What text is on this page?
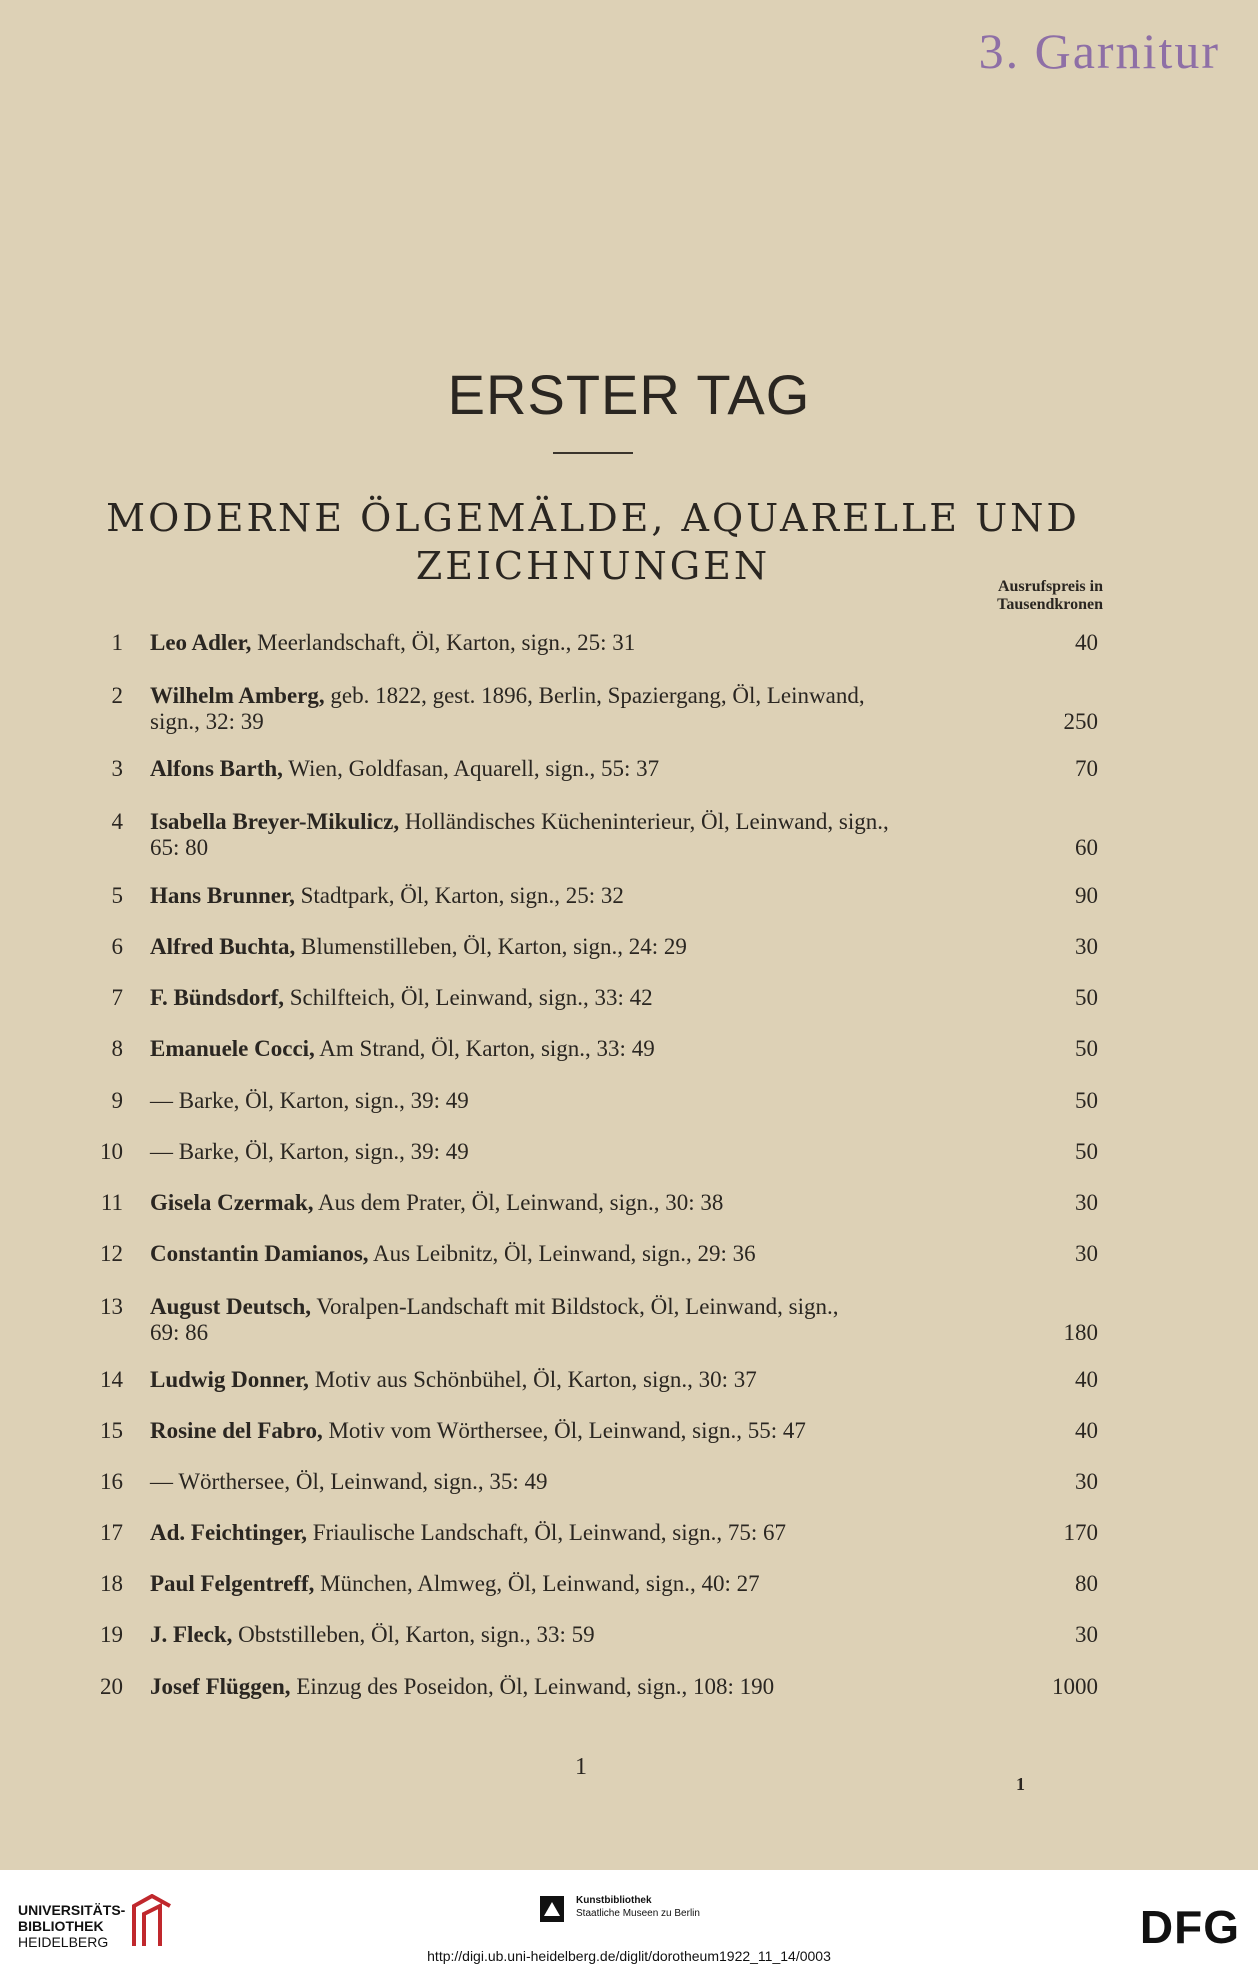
3. Garnitur
ERSTER TAG
MODERNE ÖLGEMÄLDE, AQUARELLE UND
ZEICHNUNGEN	Ausrufspreis in
Tausendkronen
1 Leo Adler, Meerlandschaft, Öl, Karton, sign., 25: 31	40
2 Wilhelm Amberg, geb. 1822, gest. 1896, Berlin, Spaziergang, Öl, Leinwand,
sign., 32: 39	250
3 Alfons Barth, Wien, Goldfasan, Aquarell, sign., 55: 37	70
4 Isabella Breyer-Mikulicz, Holländisches Kücheninterieur, Öl, Leinwand, sign.,
65: 80	60
5 Hans Brunner, Stadtpark, Öl, Karton, sign., 25: 32	90
6 Alfred Buchta, Blumenstilleben, Öl, Karton, sign., 24: 29	30
7 F. Bündsdorf, Schilfteich, Öl, Leinwand, sign., 33: 42	50
8 Emanuele Cocci, Am Strand, Öl, Karton, sign., 33: 49	50
9 — Barke, Öl, Karton, sign., 39: 49	50
10 — Barke, Öl, Karton, sign., 39: 49	50
11 Gisela Czermak, Aus dem Prater, Öl, Leinwand, sign., 30: 38	30
12 Constantin Damianos, Aus Leibnitz, Öl, Leinwand, sign., 29: 36	30
13 August Deutsch, Voralpen-Landschaft mit Bildstock, Öl, Leinwand, sign.,
69: 86	180
14 Ludwig Donner, Motiv aus Schönbühel, Öl, Karton, sign., 30: 37	40
15 Rosine del Fabro, Motiv vom Wörthersee, Öl, Leinwand, sign., 55: 47	40
16 — Wörthersee, Öl, Leinwand, sign., 35: 49	30
17 Ad. Feichtinger, Friaulische Landschaft, Öl, Leinwand, sign., 75: 67	170
18 Paul Felgentreff, München, Almweg, Öl, Leinwand, sign., 40: 27	80
19 J. Fleck, Obststilleben, Öl, Karton, sign., 33: 59	30
20 Josef Flüggen, Einzug des Poseidon, Öl, Leinwand, sign., 108: 190	1000
1
1
UNIVERSITÄTS-
BIBLIOTHEK
HEIDELBERG
Kunstbibliothek
Staatliche Museen zu Berlin	DFG
http://digi.ub.uni-heidelberg.de/diglit/dorotheum1922_11_14/0003
